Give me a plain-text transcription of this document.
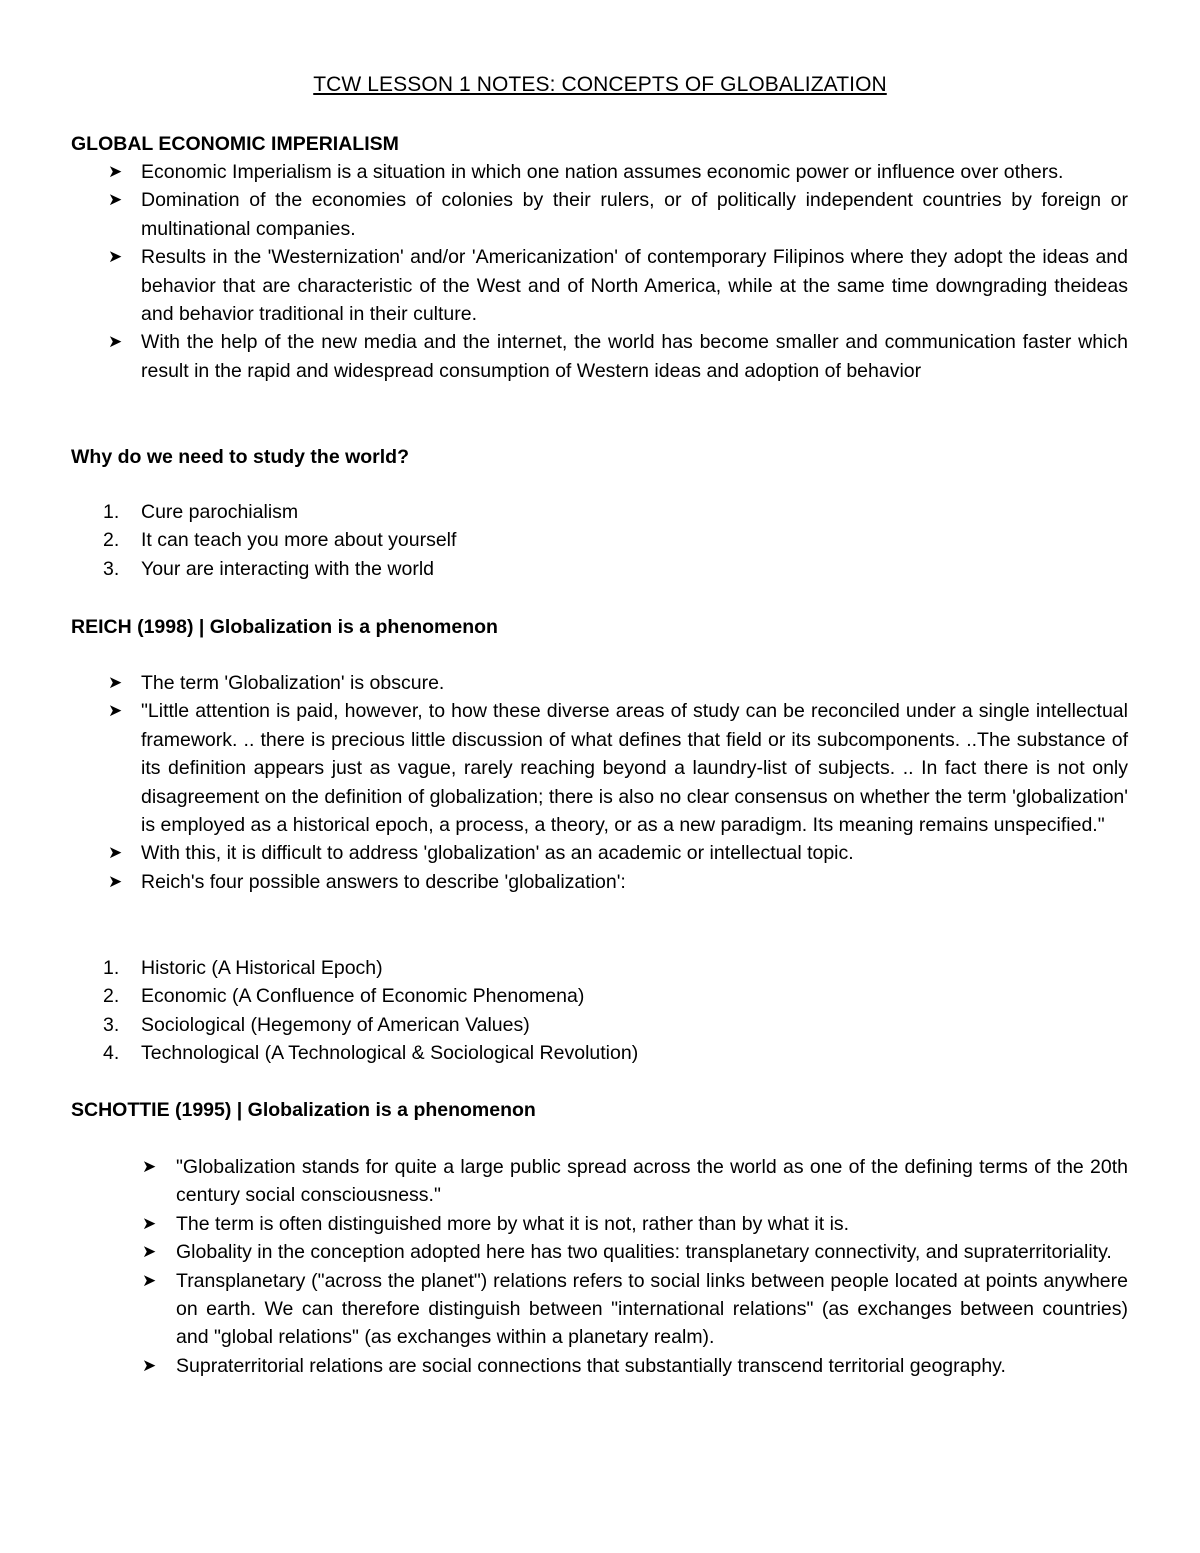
TCW LESSON 1 NOTES: CONCEPTS OF GLOBALIZATION
GLOBAL ECONOMIC IMPERIALISM
➤ Economic Imperialism is a situation in which one nation assumes economic power or influence over others.
➤ Domination of the economies of colonies by their rulers, or of politically independent countries by foreign or multinational companies.
➤ Results in the 'Westernization' and/or 'Americanization' of contemporary Filipinos where they adopt the ideas and behavior that are characteristic of the West and of North America, while at the same time downgrading theideas and behavior traditional in their culture.
➤ With the help of the new media and the internet, the world has become smaller and communication faster which result in the rapid and widespread consumption of Western ideas and adoption of behavior
Why do we need to study the world?
1.	Cure parochialism
2.	It can teach you more about yourself
3.	Your are interacting with the world
REICH (1998) | Globalization is a phenomenon
➤ The term 'Globalization' is obscure.
➤ "Little attention is paid, however, to how these diverse areas of study can be reconciled under a single intellectual framework. .. there is precious little discussion of what defines that field or its subcomponents. ..The substance of its definition appears just as vague, rarely reaching beyond a laundry-list of subjects. .. In fact there is not only disagreement on the definition of globalization; there is also no clear consensus on whether the term 'globalization' is employed as a historical epoch, a process, a theory, or as a new paradigm. Its meaning remains unspecified."
➤ With this, it is difficult to address 'globalization' as an academic or intellectual topic.
➤ Reich's four possible answers to describe 'globalization':
1.	Historic (A Historical Epoch)
2.	Economic (A Confluence of Economic Phenomena)
3.	Sociological (Hegemony of American Values)
4.	Technological (A Technological & Sociological Revolution)
SCHOTTIE (1995) | Globalization is a phenomenon
➤ "Globalization stands for quite a large public spread across the world as one of the defining terms of the 20th century social consciousness."
➤ The term is often distinguished more by what it is not, rather than by what it is.
➤ Globality in the conception adopted here has two qualities: transplanetary connectivity, and supraterritoriality.
➤ Transplanetary ("across the planet") relations refers to social links between people located at points anywhere on earth. We can therefore distinguish between "international relations" (as exchanges between countries) and "global relations" (as exchanges within a planetary realm).
➤ Supraterritorial relations are social connections that substantially transcend territorial geography.
